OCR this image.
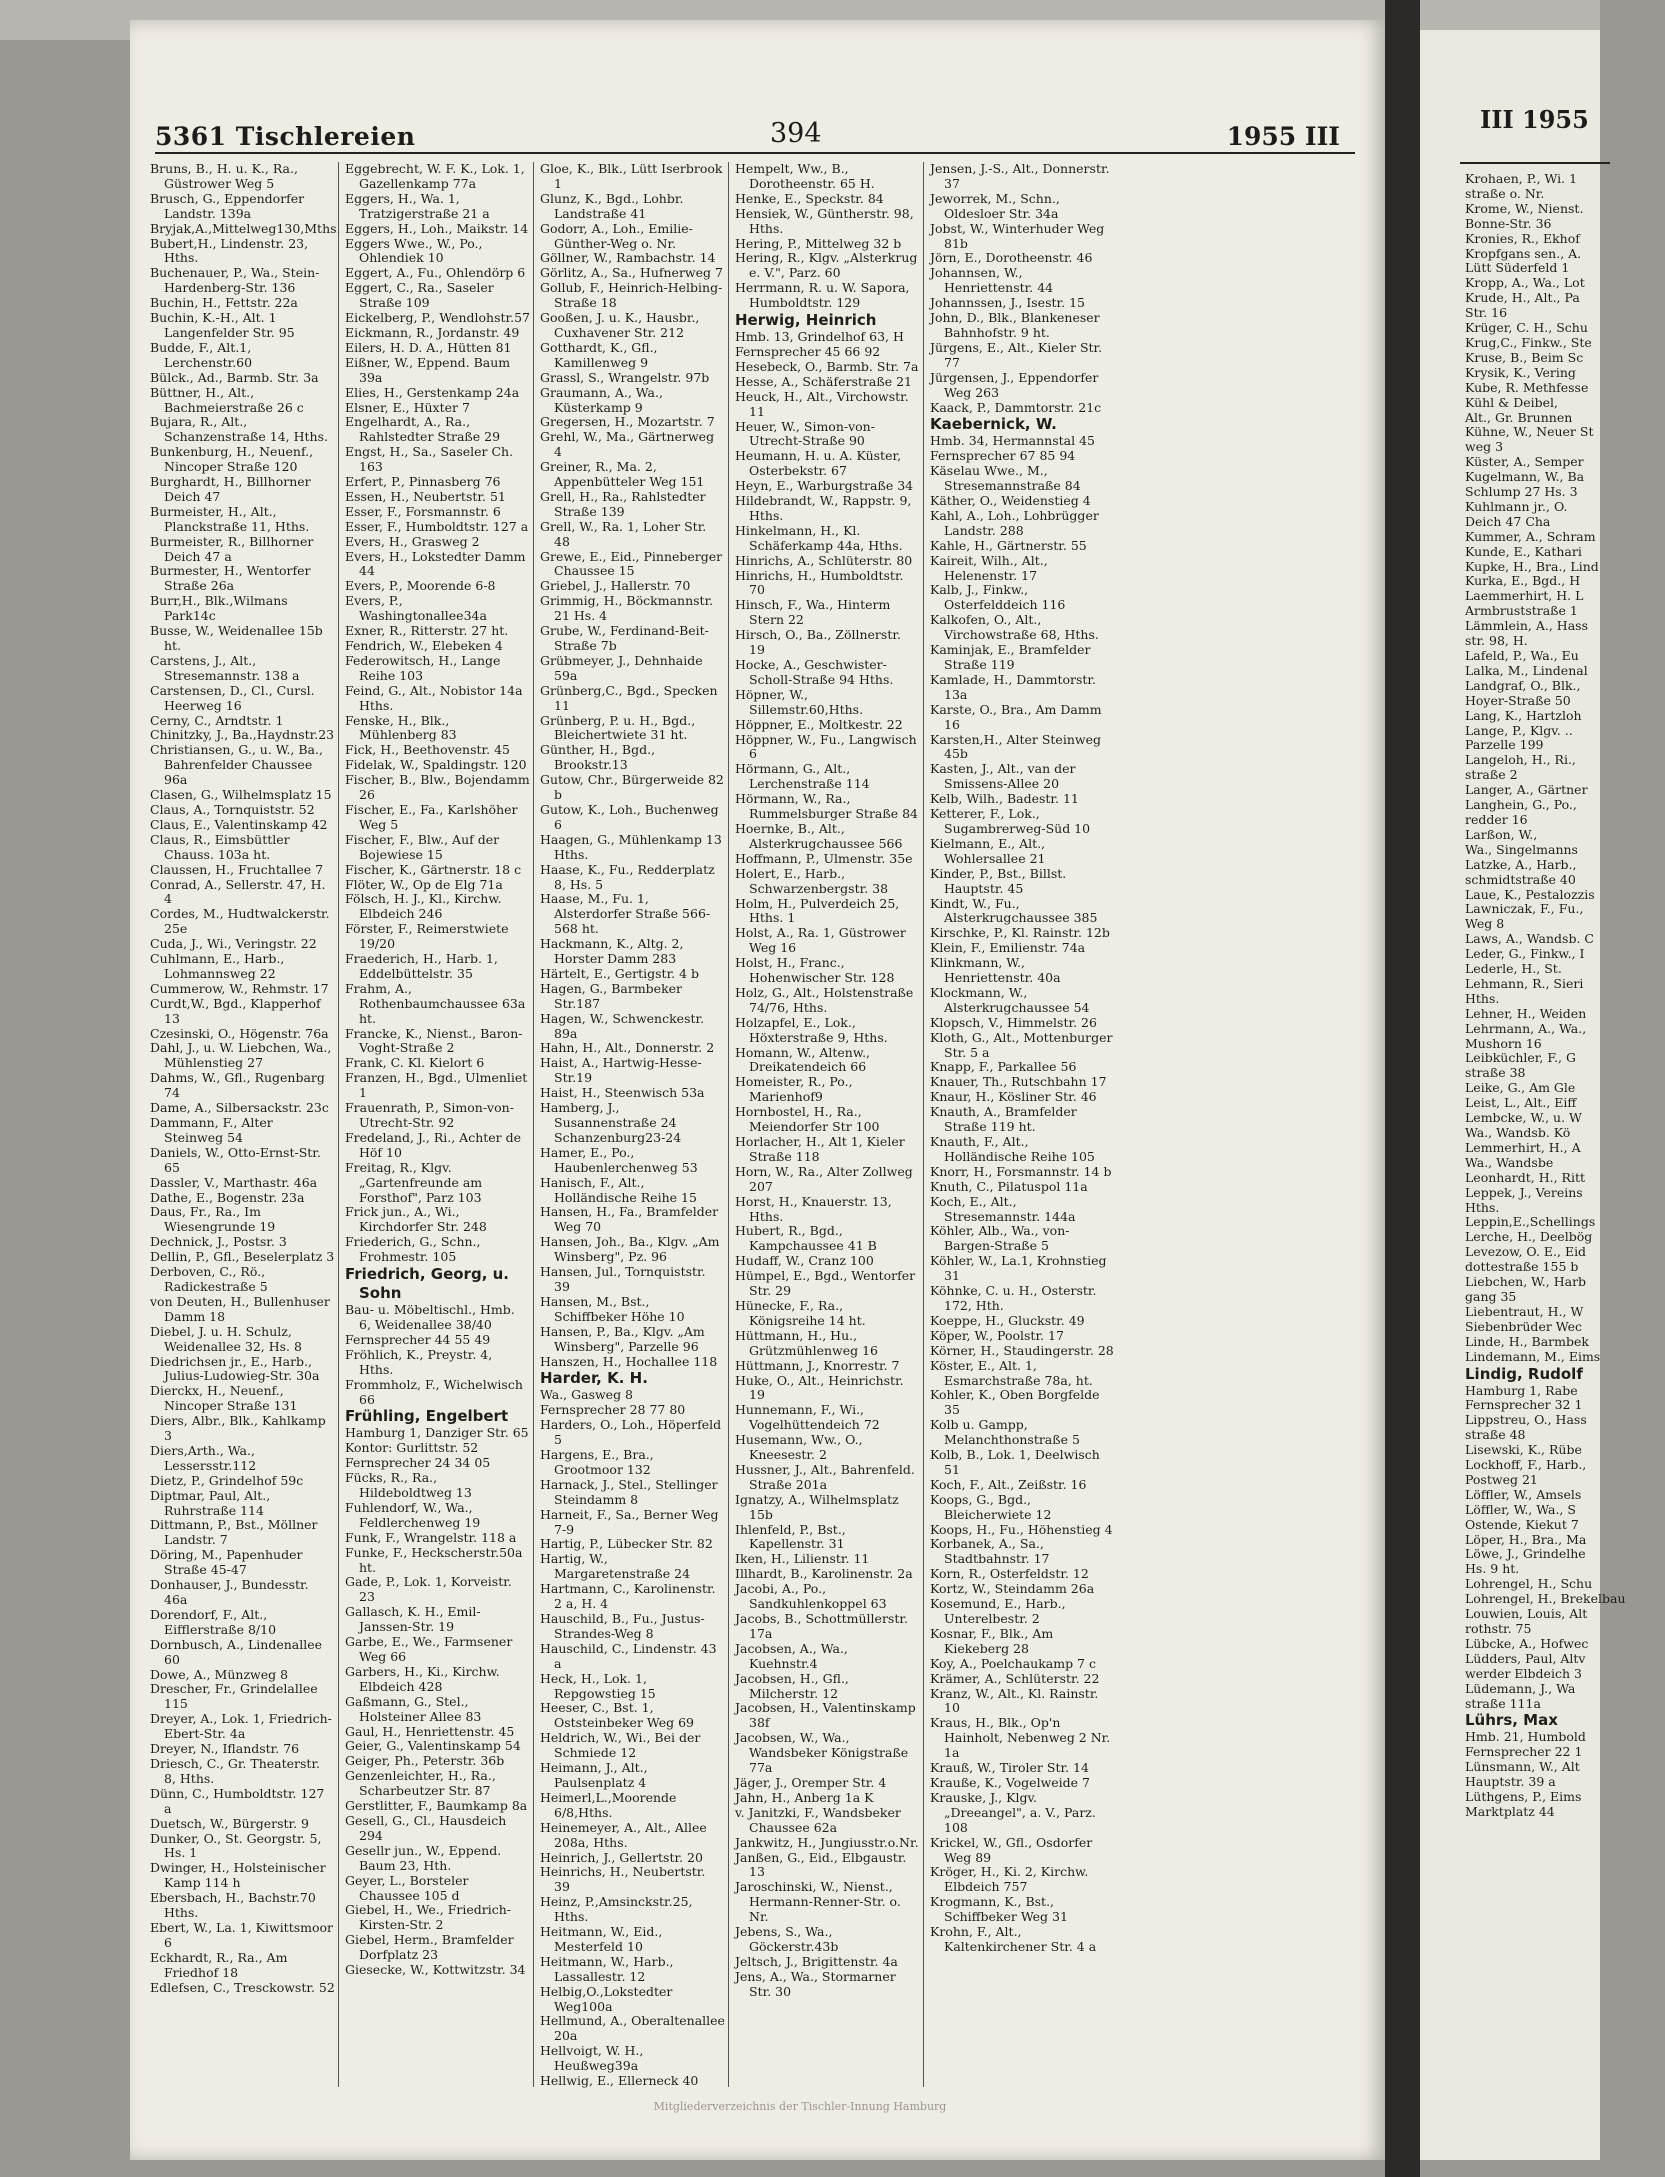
5361 Tischlereien	394	1955 III
Bruns, B., H. u. K., Ra., Güstrower Weg 5
Brusch, G., Eppendorfer Landstr. 139a
Bryjak,A.,Mittelweg130,Mths.
Bubert,H., Lindenstr. 23, Hths.
Buchenauer, P., Wa., Stein-Hardenberg-Str. 136
Buchin, H., Fettstr. 22a
Buchin, K.-H., Alt. 1 Langenfelder Str. 95
Budde, F., Alt.1, Lerchenstr.60
Bülck., Ad., Barmb. Str. 3a
Büttner, H., Alt., Bachmeierstraße 26 c
Bujara, R., Alt., Schanzenstraße 14, Hths.
Bunkenburg, H., Neuenf., Nincoper Straße 120
Burghardt, H., Billhorner Deich 47
Burmeister, H., Alt., Planckstraße 11, Hths.
Burmeister, R., Billhorner Deich 47 a
Burmester, H., Wentorfer Straße 26a
Burr,H., Blk.,Wilmans Park14c
Busse, W., Weidenallee 15b ht.
Carstens, J., Alt., Stresemannstr. 138 a
Carstensen, D., Cl., Cursl. Heerweg 16
Cerny, C., Arndtstr. 1
Chinitzky, J., Ba.,Haydnstr.23
Christiansen, G., u. W., Ba., Bahrenfelder Chaussee 96a
Clasen, G., Wilhelmsplatz 15
Claus, A., Tornquiststr. 52
Claus, E., Valentinskamp 42
Claus, R., Eimsbüttler Chauss. 103a ht.
Claussen, H., Fruchtallee 7
Conrad, A., Sellerstr. 47, H. 4
Cordes, M., Hudtwalckerstr. 25e
Cuda, J., Wi., Veringstr. 22
Cuhlmann, E., Harb., Lohmannsweg 22
Cummerow, W., Rehmstr. 17
Curdt,W., Bgd., Klapperhof 13
Czesinski, O., Högenstr. 76a
Dahl, J., u. W. Liebchen, Wa., Mühlenstieg 27
Dahms, W., Gfl., Rugenbarg 74
Dame, A., Silbersackstr. 23c
Dammann, F., Alter Steinweg 54
Daniels, W., Otto-Ernst-Str. 65
Dassler, V., Marthastr. 46a
Dathe, E., Bogenstr. 23a
Daus, Fr., Ra., Im Wiesengrunde 19
Dechnick, J., Postsr. 3
Dellin, P., Gfl., Beselerplatz 3
Derboven, C., Rö., Radickestraße 5
von Deuten, H., Bullenhuser Damm 18
Diebel, J. u. H. Schulz, Weidenallee 32, Hs. 8
Diedrichsen jr., E., Harb., Julius-Ludowieg-Str. 30a
Dierckx, H., Neuenf., Nincoper Straße 131
Diers, Albr., Blk., Kahlkamp 3
Diers,Arth., Wa., Lessersstr.112
Dietz, P., Grindelhof 59c
Diptmar, Paul, Alt., Ruhrstraße 114
Dittmann, P., Bst., Möllner Landstr. 7
Döring, M., Papenhuder Straße 45-47
Donhauser, J., Bundesstr. 46a
Dorendorf, F., Alt., Eifflerstraße 8/10
Dornbusch, A., Lindenallee 60
Dowe, A., Münzweg 8
Drescher, Fr., Grindelallee 115
Dreyer, A., Lok. 1, Friedrich-Ebert-Str. 4a
Dreyer, N., Iflandstr. 76
Driesch, C., Gr. Theaterstr. 8, Hths.
Dünn, C., Humboldtstr. 127 a
Duetsch, W., Bürgerstr. 9
Dunker, O., St. Georgstr. 5, Hs. 1
Dwinger, H., Holsteinischer Kamp 114 h
Ebersbach, H., Bachstr.70 Hths.
Ebert, W., La. 1, Kiwittsmoor 6
Eckhardt, R., Ra., Am Friedhof 18
Edlefsen, C., Tresckowstr. 52
Eggebrecht, W. F. K., Lok. 1, Gazellenkamp 77a
Eggers, H., Wa. 1, Tratzigerstraße 21 a
Eggers, H., Loh., Maikstr. 14
Eggers Wwe., W., Po., Ohlendiek 10
Eggert, A., Fu., Ohlendörp 6
Eggert, C., Ra., Saseler Straße 109
Eickelberg, P., Wendlohstr.57
Eickmann, R., Jordanstr. 49
Eilers, H. D. A., Hütten 81
Eißner, W., Eppend. Baum 39a
Elies, H., Gerstenkamp 24a
Elsner, E., Hüxter 7
Engelhardt, A., Ra., Rahlstedter Straße 29
Engst, H., Sa., Saseler Ch. 163
Erfert, P., Pinnasberg 76
Essen, H., Neubertstr. 51
Esser, F., Forsmannstr. 6
Esser, F., Humboldtstr. 127 a
Evers, H., Grasweg 2
Evers, H., Lokstedter Damm 44
Evers, P., Moorende 6-8
Evers, P., Washingtonallee34a
Exner, R., Ritterstr. 27 ht.
Fendrich, W., Elebeken 4
Federowitsch, H., Lange Reihe 103
Feind, G., Alt., Nobistor 14a Hths.
Fenske, H., Blk., Mühlenberg 83
Fick, H., Beethovenstr. 45
Fidelak, W., Spaldingstr. 120
Fischer, B., Blw., Bojendamm 26
Fischer, E., Fa., Karlshöher Weg 5
Fischer, F., Blw., Auf der Bojewiese 15
Fischer, K., Gärtnerstr. 18 c
Flöter, W., Op de Elg 71a
Fölsch, H. J., Kl., Kirchw. Elbdeich 246
Förster, F., Reimerstwiete 19/20
Fraederich, H., Harb. 1, Eddelbüttelstr. 35
Frahm, A., Rothenbaumchaussee 63a ht.
Francke, K., Nienst., Baron-Voght-Straße 2
Frank, C. Kl. Kielort 6
Franzen, H., Bgd., Ulmenliet 1
Frauenrath, P., Simon-von-Utrecht-Str. 92
Fredeland, J., Ri., Achter de Höf 10
Freitag, R., Klgv. „Gartenfreunde am Forsthof", Parz 103
Frick jun., A., Wi., Kirchdorfer Str. 248
Friederich, G., Schn., Frohmestr. 105
Friedrich, Georg, u. Sohn
Bau- u. Möbeltischl., Hmb. 6, Weidenallee 38/40
Fernsprecher 44 55 49
Fröhlich, K., Preystr. 4, Hths.
Frommholz, F., Wichelwisch 66
Frühling, Engelbert
Hamburg 1, Danziger Str. 65
Kontor: Gurlittstr. 52
Fernsprecher 24 34 05
Fücks, R., Ra., Hildeboldtweg 13
Fuhlendorf, W., Wa., Feldlerchenweg 19
Funk, F., Wrangelstr. 118 a
Funke, F., Heckscherstr.50a ht.
Gade, P., Lok. 1, Korveistr. 23
Gallasch, K. H., Emil-Janssen-Str. 19
Garbe, E., We., Farmsener Weg 66
Garbers, H., Ki., Kirchw. Elbdeich 428
Gaßmann, G., Stel., Holsteiner Allee 83
Gaul, H., Henriettenstr. 45
Geier, G., Valentinskamp 54
Geiger, Ph., Peterstr. 36b
Genzenleichter, H., Ra., Scharbeutzer Str. 87
Gerstlitter, F., Baumkamp 8a
Gesell, G., Cl., Hausdeich 294
Gesellr jun., W., Eppend. Baum 23, Hth.
Geyer, L., Borsteler Chaussee 105 d
Giebel, H., We., Friedrich-Kirsten-Str. 2
Giebel, Herm., Bramfelder Dorfplatz 23
Giesecke, W., Kottwitzstr. 34
Gloe, K., Blk., Lütt Iserbrook 1
Glunz, K., Bgd., Lohbr. Landstraße 41
Godorr, A., Loh., Emilie-Günther-Weg o. Nr.
Göllner, W., Rambachstr. 14
Görlitz, A., Sa., Hufnerweg 7
Gollub, F., Heinrich-Helbing-Straße 18
Gooßen, J. u. K., Hausbr., Cuxhavener Str. 212
Gotthardt, K., Gfl., Kamillenweg 9
Grassl, S., Wrangelstr. 97b
Graumann, A., Wa., Küsterkamp 9
Gregersen, H., Mozartstr. 7
Grehl, W., Ma., Gärtnerweg 4
Greiner, R., Ma. 2, Appenbütteler Weg 151
Grell, H., Ra., Rahlstedter Straße 139
Grell, W., Ra. 1, Loher Str. 48
Grewe, E., Eid., Pinneberger Chaussee 15
Griebel, J., Hallerstr. 70
Grimmig, H., Böckmannstr. 21 Hs. 4
Grube, W., Ferdinand-Beit-Straße 7b
Grübmeyer, J., Dehnhaide 59a
Grünberg,C., Bgd., Specken 11
Grünberg, P. u. H., Bgd., Bleichertwiete 31 ht.
Günther, H., Bgd., Brookstr.13
Gutow, Chr., Bürgerweide 82 b
Gutow, K., Loh., Buchenweg 6
Haagen, G., Mühlenkamp 13 Hths.
Haase, K., Fu., Redderplatz 8, Hs. 5
Haase, M., Fu. 1, Alsterdorfer Straße 566-568 ht.
Hackmann, K., Altg. 2, Horster Damm 283
Härtelt, E., Gertigstr. 4 b
Hagen, G., Barmbeker Str.187
Hagen, W., Schwenckestr. 89a
Hahn, H., Alt., Donnerstr. 2
Haist, A., Hartwig-Hesse-Str.19
Haist, H., Steenwisch 53a
Hamberg, J., Susannenstraße 24 Schanzenburg23-24
Hamer, E., Po., Haubenlerchenweg 53
Hanisch, F., Alt., Holländische Reihe 15
Hansen, H., Fa., Bramfelder Weg 70
Hansen, Joh., Ba., Klgv. „Am Winsberg", Pz. 96
Hansen, Jul., Tornquiststr. 39
Hansen, M., Bst., Schiffbeker Höhe 10
Hansen, P., Ba., Klgv. „Am Winsberg", Parzelle 96
Hanszen, H., Hochallee 118
Harder, K. H.
Wa., Gasweg 8
Fernsprecher 28 77 80
Harders, O., Loh., Höperfeld 5
Hargens, E., Bra., Grootmoor 132
Harnack, J., Stel., Stellinger Steindamm 8
Harneit, F., Sa., Berner Weg 7-9
Hartig, P., Lübecker Str. 82
Hartig, W., Margaretenstraße 24
Hartmann, C., Karolinenstr. 2 a, H. 4
Hauschild, B., Fu., Justus-Strandes-Weg 8
Hauschild, C., Lindenstr. 43 a
Heck, H., Lok. 1, Repgowstieg 15
Heeser, C., Bst. 1, Oststeinbeker Weg 69
Heldrich, W., Wi., Bei der Schmiede 12
Heimann, J., Alt., Paulsenplatz 4
Heimerl,L.,Moorende 6/8,Hths.
Heinemeyer, A., Alt., Allee 208a, Hths.
Heinrich, J., Gellertstr. 20
Heinrichs, H., Neubertstr. 39
Heinz, P.,Amsinckstr.25, Hths.
Heitmann, W., Eid., Mesterfeld 10
Heitmann, W., Harb., Lassallestr. 12
Helbig,O.,Lokstedter Weg100a
Hellmund, A., Oberaltenallee 20a
Hellvoigt, W. H., Heußweg39a
Hellwig, E., Ellerneck 40
Hempelt, Ww., B., Dorotheenstr. 65 H.
Henke, E., Speckstr. 84
Hensiek, W., Güntherstr. 98, Hths.
Hering, P., Mittelweg 32 b
Hering, R., Klgv. „Alsterkrug e. V.", Parz. 60
Herrmann, R. u. W. Sapora, Humboldtstr. 129
Herwig, Heinrich
Hmb. 13, Grindelhof 63, H
Fernsprecher 45 66 92
Hesebeck, O., Barmb. Str. 7a
Hesse, A., Schäferstraße 21
Heuck, H., Alt., Virchowstr. 11
Heuer, W., Simon-von-Utrecht-Straße 90
Heumann, H. u. A. Küster, Osterbekstr. 67
Heyn, E., Warburgstraße 34
Hildebrandt, W., Rappstr. 9, Hths.
Hinkelmann, H., Kl. Schäferkamp 44a, Hths.
Hinrichs, A., Schlüterstr. 80
Hinrichs, H., Humboldtstr. 70
Hinsch, F., Wa., Hinterm Stern 22
Hirsch, O., Ba., Zöllnerstr. 19
Hocke, A., Geschwister-Scholl-Straße 94 Hths.
Höpner, W., Sillemstr.60,Hths.
Höppner, E., Moltkestr. 22
Höppner, W., Fu., Langwisch 6
Hörmann, G., Alt., Lerchenstraße 114
Hörmann, W., Ra., Rummelsburger Straße 84
Hoernke, B., Alt., Alsterkrugchaussee 566
Hoffmann, P., Ulmenstr. 35e
Holert, E., Harb., Schwarzenbergstr. 38
Holm, H., Pulverdeich 25, Hths. 1
Holst, A., Ra. 1, Güstrower Weg 16
Holst, H., Franc., Hohenwischer Str. 128
Holz, G., Alt., Holstenstraße 74/76, Hths.
Holzapfel, E., Lok., Höxterstraße 9, Hths.
Homann, W., Altenw., Dreikatendeich 66
Homeister, R., Po., Marienhof9
Hornbostel, H., Ra., Meiendorfer Str 100
Horlacher, H., Alt 1, Kieler Straße 118
Horn, W., Ra., Alter Zollweg 207
Horst, H., Knauerstr. 13, Hths.
Hubert, R., Bgd., Kampchaussee 41 B
Hudaff, W., Cranz 100
Hümpel, E., Bgd., Wentorfer Str. 29
Hünecke, F., Ra., Königsreihe 14 ht.
Hüttmann, H., Hu., Grützmühlenweg 16
Hüttmann, J., Knorrestr. 7
Huke, O., Alt., Heinrichstr. 19
Hunnemann, F., Wi., Vogelhüttendeich 72
Husemann, Ww., O., Kneesestr. 2
Hussner, J., Alt., Bahrenfeld. Straße 201a
Ignatzy, A., Wilhelmsplatz 15b
Ihlenfeld, P., Bst., Kapellenstr. 31
Iken, H., Lilienstr. 11
Illhardt, B., Karolinenstr. 2a
Jacobi, A., Po., Sandkuhlenkoppel 63
Jacobs, B., Schottmüllerstr. 17a
Jacobsen, A., Wa., Kuehnstr.4
Jacobsen, H., Gfl., Milcherstr. 12
Jacobsen, H., Valentinskamp 38f
Jacobsen, W., Wa., Wandsbeker Königstraße 77a
Jäger, J., Oremper Str. 4
Jahn, H., Anberg 1a K
v. Janitzki, F., Wandsbeker Chaussee 62a
Jankwitz, H., Jungiusstr.o.Nr.
Janßen, G., Eid., Elbgaustr. 13
Jaroschinski, W., Nienst., Hermann-Renner-Str. o. Nr.
Jebens, S., Wa., Göckerstr.43b
Jeltsch, J., Brigittenstr. 4a
Jens, A., Wa., Stormarner Str. 30
Jensen, J.-S., Alt., Donnerstr. 37
Jeworrek, M., Schn., Oldesloer Str. 34a
Jobst, W., Winterhuder Weg 81b
Jörn, E., Dorotheenstr. 46
Johannsen, W., Henriettenstr. 44
Johannssen, J., Isestr. 15
John, D., Blk., Blankeneser Bahnhofstr. 9 ht.
Jürgens, E., Alt., Kieler Str. 77
Jürgensen, J., Eppendorfer Weg 263
Kaack, P., Dammtorstr. 21c
Kaebernick, W.
Hmb. 34, Hermannstal 45
Fernsprecher 67 85 94
Käselau Wwe., M., Stresemannstraße 84
Käther, O., Weidenstieg 4
Kahl, A., Loh., Lohbrügger Landstr. 288
Kahle, H., Gärtnerstr. 55
Kaireit, Wilh., Alt., Helenenstr. 17
Kalb, J., Finkw., Osterfelddeich 116
Kalkofen, O., Alt., Virchowstraße 68, Hths.
Kaminjak, E., Bramfelder Straße 119
Kamlade, H., Dammtorstr. 13a
Karste, O., Bra., Am Damm 16
Karsten,H., Alter Steinweg 45b
Kasten, J., Alt., van der Smissens-Allee 20
Kelb, Wilh., Badestr. 11
Ketterer, F., Lok., Sugambrerweg-Süd 10
Kielmann, E., Alt., Wohlersallee 21
Kinder, P., Bst., Billst. Hauptstr. 45
Kindt, W., Fu., Alsterkrugchaussee 385
Kirschke, P., Kl. Rainstr. 12b
Klein, F., Emilienstr. 74a
Klinkmann, W., Henriettenstr. 40a
Klockmann, W., Alsterkrugchaussee 54
Klopsch, V., Himmelstr. 26
Kloth, G., Alt., Mottenburger Str. 5 a
Knapp, F., Parkallee 56
Knauer, Th., Rutschbahn 17
Knaur, H., Kösliner Str. 46
Knauth, A., Bramfelder Straße 119 ht.
Knauth, F., Alt., Holländische Reihe 105
Knorr, H., Forsmannstr. 14 b
Knuth, C., Pilatuspol 11a
Koch, E., Alt., Stresemannstr. 144a
Köhler, Alb., Wa., von-Bargen-Straße 5
Köhler, W., La.1, Krohnstieg 31
Köhnke, C. u. H., Osterstr. 172, Hth.
Koeppe, H., Gluckstr. 49
Köper, W., Poolstr. 17
Körner, H., Staudingerstr. 28
Köster, E., Alt. 1, Esmarchstraße 78a, ht.
Kohler, K., Oben Borgfelde 35
Kolb u. Gampp, Melanchthonstraße 5
Kolb, B., Lok. 1, Deelwisch 51
Koch, F., Alt., Zeißstr. 16
Koops, G., Bgd., Bleicherwiete 12
Koops, H., Fu., Höhenstieg 4
Korbanek, A., Sa., Stadtbahnstr. 17
Korn, R., Osterfeldstr. 12
Kortz, W., Steindamm 26a
Kosemund, E., Harb., Unterelbestr. 2
Kosnar, F., Blk., Am Kiekeberg 28
Koy, A., Poelchaukamp 7 c
Krämer, A., Schlüterstr. 22
Kranz, W., Alt., Kl. Rainstr. 10
Kraus, H., Blk., Op'n Hainholt, Nebenweg 2 Nr. 1a
Krauß, W., Tiroler Str. 14
Krauße, K., Vogelweide 7
Krauske, J., Klgv. „Dreeangel", a. V., Parz. 108
Krickel, W., Gfl., Osdorfer Weg 89
Kröger, H., Ki. 2, Kirchw. Elbdeich 757
Krogmann, K., Bst., Schiffbeker Weg 31
Krohn, F., Alt., Kaltenkirchener Str. 4 a
Mitgliederverzeichnis der Tischler-Innung Hamburg
III 1955
Krohaen, P., Wi. 1
straße o. Nr.
Krome, W., Nienst.
Bonne-Str. 36
Kronies, R., Ekhof
Kropfgans sen., A.
Lütt Süderfeld 1
Kropp, A., Wa., Lot
Krude, H., Alt., Pa
Str. 16
Krüger, C. H., Schu
Krug,C., Finkw., Ste
Kruse, B., Beim Sc
Krysik, K., Vering
Kube, R. Methfesse
Kühl & Deibel,
Alt., Gr. Brunnen
Kühne, W., Neuer St
weg 3
Küster, A., Semper
Kugelmann, W., Ba
Schlump 27 Hs. 3
Kuhlmann jr., O.
Deich 47 Cha
Kummer, A., Schram
Kunde, E., Kathari
Kupke, H., Bra., Lind
Kurka, E., Bgd., H
Laemmerhirt, H. L
Armbruststraße 1
Lämmlein, A., Hass
str. 98, H.
Lafeld, P., Wa., Eu
Lalka, M., Lindenal
Landgraf, O., Blk.,
Hoyer-Straße 50
Lang, K., Hartzloh
Lange, P., Klgv. ..
Parzelle 199
Langeloh, H., Ri.,
straße 2
Langer, A., Gärtner
Langhein, G., Po.,
redder 16
Larßon, W.,
Wa., Singelmanns
Latzke, A., Harb.,
schmidtstraße 40
Laue, K., Pestalozzis
Lawniczak, F., Fu.,
Weg 8
Laws, A., Wandsb. C
Leder, G., Finkw., I
Lederle, H., St.
Lehmann, R., Sieri
Hths.
Lehner, H., Weiden
Lehrmann, A., Wa.,
Mushorn 16
Leibküchler, F., G
straße 38
Leike, G., Am Gle
Leist, L., Alt., Eiff
Lembcke, W., u. W
Wa., Wandsb. Kö
Lemmerhirt, H., A
Wa., Wandsbe
Leonhardt, H., Ritt
Leppek, J., Vereins
Hths.
Leppin,E.,Schellings
Lerche, H., Deelbög
Levezow, O. E., Eid
dottestraße 155 b
Liebchen, W., Harb
gang 35
Liebentraut, H., W
Siebenbrüder Wec
Linde, H., Barmbek
Lindemann, M., Eims
Lindig, Rudolf
Hamburg 1, Rabe
Fernsprecher 32 1
Lippstreu, O., Hass
straße 48
Lisewski, K., Rübe
Lockhoff, F., Harb.,
Postweg 21
Löffler, W., Amsels
Löffler, W., Wa., S
Ostende, Kiekut 7
Löper, H., Bra., Ma
Löwe, J., Grindelhe
Hs. 9 ht.
Lohrengel, H., Schu
Lohrengel, H., Brekelbau
Louwien, Louis, Alt
rothstr. 75
Lübcke, A., Hofwec
Lüdders, Paul, Altv
werder Elbdeich 3
Lüdemann, J., Wa
straße 111a
Lührs, Max
Hmb. 21, Humbold
Fernsprecher 22 1
Lünsmann, W., Alt
Hauptstr. 39 a
Lüthgens, P., Eims
Marktplatz 44
